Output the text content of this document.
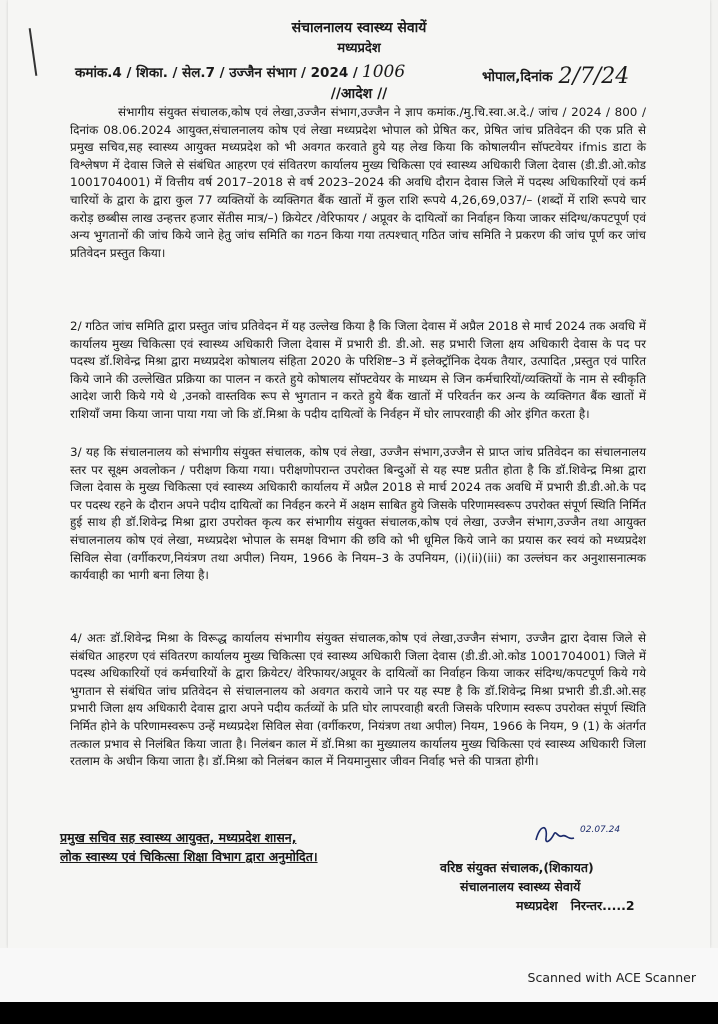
संचालनालय स्वास्थ्य सेवायें
मध्यप्रदेश
कमांक.4 / शिका. / सेल.7 / उज्जैन संभाग / 2024 / 1006	भोपाल,दिनांक 2/7/24
//आदेश //

संभागीय संयुक्त संचालक,कोष एवं लेखा,उज्जैन संभाग,उज्जैन ने ज्ञाप कमांक./मु.चि.स्वा.अ.दे./ जांच / 2024 / 800 / दिनांक 08.06.2024 आयुक्त,संचालनालय कोष एवं लेखा मध्यप्रदेश भोपाल को प्रेषित कर, प्रेषित जांच प्रतिवेदन की एक प्रति से प्रमुख सचिव,सह स्वास्थ्य आयुक्त मध्यप्रदेश को भी अवगत करवाते हुये यह लेख किया कि कोषालयीन सॉफ्टवेयर ifmis डाटा के विश्लेषण में देवास जिले से संबंधित आहरण एवं संवितरण कार्यालय मुख्य चिकित्सा एवं स्वास्थ्य अधिकारी जिला देवास (डी.डी.ओ.कोड 1001704001) में वित्तीय वर्ष 2017–2018 से वर्ष 2023–2024 की अवधि दौरान देवास जिले में पदस्थ अधिकारियों एवं कर्म चारियों के द्वारा के द्वारा कुल 77 व्यक्तियों के व्यक्तिगत बैंक खातों में कुल राशि रूपये 4,26,69,037/– (शब्दों में राशि रूपये चार करोड़ छब्बीस लाख उन्हत्तर हजार सेंतीस मात्र/–) क्रियेटर /वेरिफायर / अप्रूवर के दायित्वों का निर्वाहन किया जाकर संदिग्ध/कपटपूर्ण एवं अन्य भुगतानों की जांच किये जाने हेतु जांच समिति का गठन किया गया तत्पश्चात् गठित जांच समिति ने प्रकरण की जांच पूर्ण कर जांच प्रतिवेदन प्रस्तुत किया।

2/ गठित जांच समिति द्वारा प्रस्तुत जांच प्रतिवेदन में यह उल्लेख किया है कि जिला देवास में अप्रैल 2018 से मार्च 2024 तक अवधि में कार्यालय मुख्य चिकित्सा एवं स्वास्थ्य अधिकारी जिला देवास में प्रभारी डी. डी.ओ. सह प्रभारी जिला क्षय अधिकारी देवास के पद पर पदस्थ डॉ.शिवेन्द्र मिश्रा द्वारा मध्यप्रदेश कोषालय संहिता 2020 के परिशिष्ट–3 में इलेक्ट्रॉनिक देयक तैयार, उत्पादित ,प्रस्तुत एवं पारित किये जाने की उल्लेखित प्रक्रिया का पालन न करते हुये कोषालय सॉफ्टवेयर के माध्यम से जिन कर्मचारियों/व्यक्तियों के नाम से स्वीकृति आदेश जारी किये गये थे ,उनको वास्तविक रूप से भुगतान न करते हुये बैंक खातों में परिवर्तन कर अन्य के व्यक्तिगत बैंक खातों में राशियाँ जमा किया जाना पाया गया जो कि डॉ.मिश्रा के पदीय दायित्वों के निर्वहन में घोर लापरवाही की ओर इंगित करता है।

3/ यह कि संचालनालय को संभागीय संयुक्त संचालक, कोष एवं लेखा, उज्जैन संभाग,उज्जैन से प्राप्त जांच प्रतिवेदन का संचालनालय स्तर पर सूक्ष्म अवलोकन / परीक्षण किया गया। परीक्षणोपरान्त उपरोक्त बिन्दुओं से यह स्पष्ट प्रतीत होता है कि डॉ.शिवेन्द्र मिश्रा द्वारा जिला देवास के मुख्य चिकित्सा एवं स्वास्थ्य अधिकारी कार्यालय में अप्रैल 2018 से मार्च 2024 तक अवधि में प्रभारी डी.डी.ओ.के पद पर पदस्थ रहने के दौरान अपने पदीय दायित्वों का निर्वहन करने में अक्षम साबित हुये जिसके परिणामस्वरूप उपरोक्त संपूर्ण स्थिति निर्मित हुई साथ ही डॉ.शिवेन्द्र मिश्रा द्वारा उपरोक्त कृत्य कर संभागीय संयुक्त संचालक,कोष एवं लेखा, उज्जैन संभाग,उज्जैन तथा आयुक्त संचालनालय कोष एवं लेखा, मध्यप्रदेश भोपाल के समक्ष विभाग की छवि को भी धूमिल किये जाने का प्रयास कर स्वयं को मध्यप्रदेश सिविल सेवा (वर्गीकरण,नियंत्रण तथा अपील) नियम, 1966 के नियम–3 के उपनियम, (i)(ii)(iii) का उल्लंघन कर अनुशासनात्मक कार्यवाही का भागी बना लिया है।

4/ अतः डॉ.शिवेन्द्र मिश्रा के विरूद्ध कार्यालय संभागीय संयुक्त संचालक,कोष एवं लेखा,उज्जैन संभाग, उज्जैन द्वारा देवास जिले से संबंधित आहरण एवं संवितरण कार्यालय मुख्य चिकित्सा एवं स्वास्थ्य अधिकारी जिला देवास (डी.डी.ओ.कोड 1001704001) जिले में पदस्थ अधिकारियों एवं कर्मचारियों के द्वारा क्रियेटर/ वेरिफायर/अप्रूवर के दायित्वों का निर्वाहन किया जाकर संदिग्ध/कपटपूर्ण किये गये भुगतान से संबंधित जांच प्रतिवेदन से संचालनालय को अवगत कराये जाने पर यह स्पष्ट है कि डॉ.शिवेन्द्र मिश्रा प्रभारी डी.डी.ओ.सह प्रभारी जिला क्षय अधिकारी देवास द्वारा अपने पदीय कर्तव्यों के प्रति घोर लापरवाही बरती जिसके परिणाम स्वरूप उपरोक्त संपूर्ण स्थिति निर्मित होने के परिणामस्वरूप उन्हें मध्यप्रदेश सिविल सेवा (वर्गीकरण, नियंत्रण तथा अपील) नियम, 1966 के नियम, 9 (1) के अंतर्गत तत्काल प्रभाव से निलंबित किया जाता है। निलंबन काल में डॉ.मिश्रा का मुख्यालय कार्यालय मुख्य चिकित्सा एवं स्वास्थ्य अधिकारी जिला रतलाम के अधीन किया जाता है। डॉ.मिश्रा को निलंबन काल में नियमानुसार जीवन निर्वाह भत्ते की पात्रता होगी।

प्रमुख सचिव सह स्वास्थ्य आयुक्त, मध्यप्रदेश शासन,
लोक स्वास्थ्य एवं चिकित्सा शिक्षा विभाग द्वारा अनुमोदित।
02.07.24
वरिष्ठ संयुक्त संचालक,(शिकायत)
संचालनालय स्वास्थ्य सेवायें
मध्यप्रदेश निरन्तर.....2
Scanned with ACE Scanner
